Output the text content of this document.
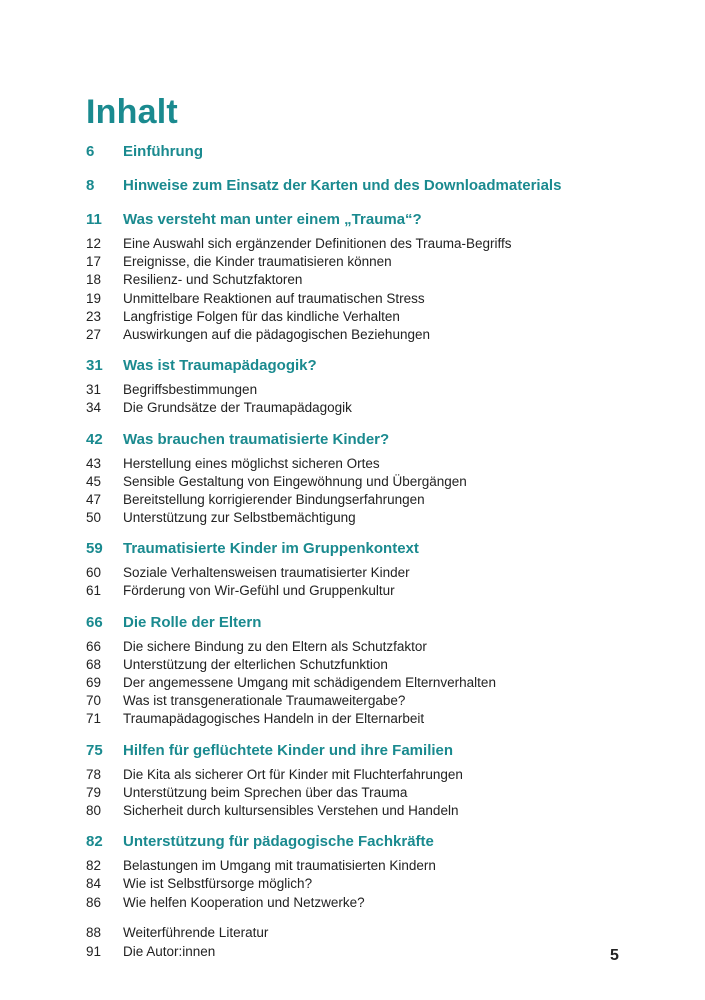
Inhalt
6	Einführung
8	Hinweise zum Einsatz der Karten und des Downloadmaterials
11	Was versteht man unter einem „Trauma“?
12	Eine Auswahl sich ergänzender Definitionen des Trauma-Begriffs
17	Ereignisse, die Kinder traumatisieren können
18	Resilienz- und Schutzfaktoren
19	Unmittelbare Reaktionen auf traumatischen Stress
23	Langfristige Folgen für das kindliche Verhalten
27	Auswirkungen auf die pädagogischen Beziehungen
31	Was ist Traumapädagogik?
31	Begriffsbestimmungen
34	Die Grundsätze der Traumapädagogik
42	Was brauchen traumatisierte Kinder?
43	Herstellung eines möglichst sicheren Ortes
45	Sensible Gestaltung von Eingewöhnung und Übergängen
47	Bereitstellung korrigierender Bindungserfahrungen
50	Unterstützung zur Selbstbemächtigung
59	Traumatisierte Kinder im Gruppenkontext
60	Soziale Verhaltensweisen traumatisierter Kinder
61	Förderung von Wir-Gefühl und Gruppenkultur
66	Die Rolle der Eltern
66	Die sichere Bindung zu den Eltern als Schutzfaktor
68	Unterstützung der elterlichen Schutzfunktion
69	Der angemessene Umgang mit schädigendem Elternverhalten
70	Was ist transgenerationale Traumaweitergabe?
71	Traumapädagogisches Handeln in der Elternarbeit
75	Hilfen für geflüchtete Kinder und ihre Familien
78	Die Kita als sicherer Ort für Kinder mit Fluchterfahrungen
79	Unterstützung beim Sprechen über das Trauma
80	Sicherheit durch kultursensibles Verstehen und Handeln
82	Unterstützung für pädagogische Fachkräfte
82	Belastungen im Umgang mit traumatisierten Kindern
84	Wie ist Selbstfürsorge möglich?
86	Wie helfen Kooperation und Netzwerke?
88	Weiterführende Literatur
91	Die Autor:innen	5
